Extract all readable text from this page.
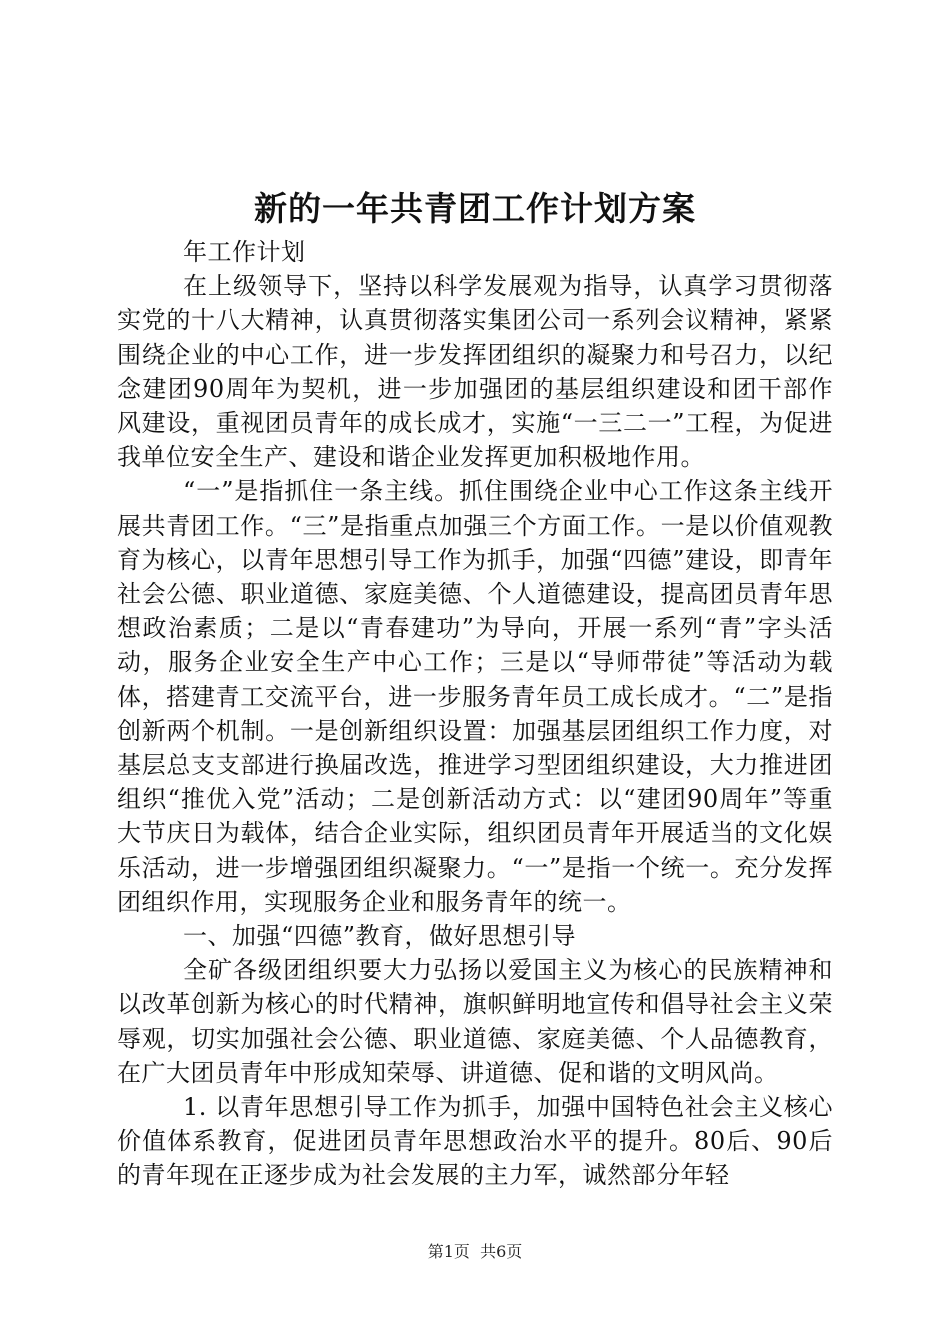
新的一年共青团工作计划方案

年工作计划

在上级领导下，坚持以科学发展观为指导，认真学习贯彻落实党的十八大精神，认真贯彻落实集团公司一系列会议精神，紧紧围绕企业的中心工作，进一步发挥团组织的凝聚力和号召力，以纪念建团90周年为契机，进一步加强团的基层组织建设和团干部作风建设，重视团员青年的成长成才，实施“一三二一”工程，为促进我单位安全生产、建设和谐企业发挥更加积极地作用。

“一”是指抓住一条主线。抓住围绕企业中心工作这条主线开展共青团工作。“三”是指重点加强三个方面工作。一是以价值观教育为核心，以青年思想引导工作为抓手，加强“四德”建设，即青年社会公德、职业道德、家庭美德、个人道德建设，提高团员青年思想政治素质；二是以“青春建功”为导向，开展一系列“青”字头活动，服务企业安全生产中心工作；三是以“导师带徒”等活动为载体，搭建青工交流平台，进一步服务青年员工成长成才。“二”是指创新两个机制。一是创新组织设置：加强基层团组织工作力度，对基层总支支部进行换届改选，推进学习型团组织建设，大力推进团组织“推优入党”活动；二是创新活动方式：以“建团90周年”等重大节庆日为载体，结合企业实际，组织团员青年开展适当的文化娱乐活动，进一步增强团组织凝聚力。“一”是指一个统一。充分发挥团组织作用，实现服务企业和服务青年的统一。

一、加强“四德”教育，做好思想引导

全矿各级团组织要大力弘扬以爱国主义为核心的民族精神和以改革创新为核心的时代精神，旗帜鲜明地宣传和倡导社会主义荣辱观，切实加强社会公德、职业道德、家庭美德、个人品德教育，在广大团员青年中形成知荣辱、讲道德、促和谐的文明风尚。

1. 以青年思想引导工作为抓手，加强中国特色社会主义核心价值体系教育，促进团员青年思想政治水平的提升。80后、90后的青年现在正逐步成为社会发展的主力军，诚然部分年轻

第1页  共6页
